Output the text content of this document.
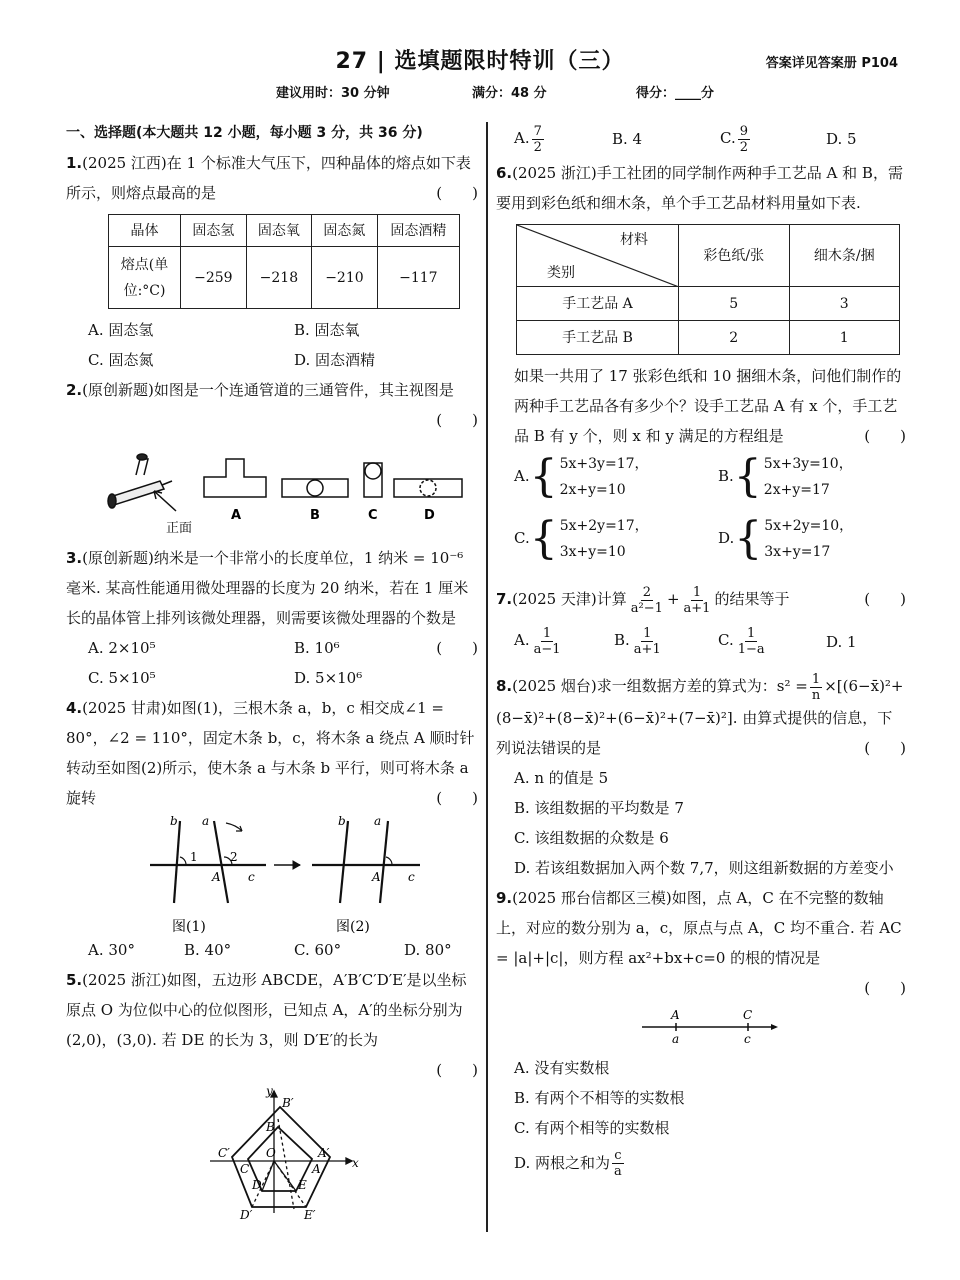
27 | 选填题限时特训（三）	答案详见答案册 P104
建议用时：30 分钟	满分：48 分	得分：____分
一、选择题(本大题共 12 小题，每小题 3 分，共 36 分)
1.(2025 江西)在 1 个标准大气压下，四种晶体的熔点如下表所示，则熔点最高的是	(　　)
晶体	固态氢	固态氧	固态氮	固态酒精

熔点(单
位:°C)	−259	−218	−210	−117
A. 固态氢	B. 固态氧
C. 固态氮	D. 固态酒精
2.(原创新题)如图是一个连通管道的三通管件，其主视图是
(　　)
A	B	C	D
正面
3.(原创新题)纳米是一个非常小的长度单位，1 纳米 = 10⁻⁶ 毫米. 某高性能通用微处理器的长度为 20 纳米，若在 1 厘米长的晶体管上排列该微处理器，则需要该微处理器的个数是
(　　)
A. 2×10⁵	B. 10⁶
C. 5×10⁵	D. 5×10⁶
4.(2025 甘肃)如图(1)，三根木条 a，b，c 相交成∠1 = 80°，∠2 = 110°，固定木条 b，c，将木条 a 绕点 A 顺时针转动至如图(2)所示，使木条 a 与木条 b 平行，则可将木条 a 旋转	(　　)
b a
1	2
A c
b a
A c
图(1)	图(2)
A. 30°	B. 40°	C. 60°	D. 80°
5.(2025 浙江)如图，五边形 ABCDE，A′B′C′D′E′是以坐标原点 O 为位似中心的位似图形，已知点 A，A′的坐标分别为(2,0)，(3,0). 若 DE 的长为 3，则 D′E′的长为
(　　)
y
B′
B
C′
C
O	A′
A
D	E
D′	E′
x
A. $\frac{7}{2}$	B. 4	C. $\frac{9}{2}$	D. 5
6.(2025 浙江)手工社团的同学制作两种手工艺品 A 和 B，需要用到彩色纸和细木条，单个手工艺品材料用量如下表.
材料
类别	彩色纸/张	细木条/捆
手工艺品 A	5	3
手工艺品 B	2	1
如果一共用了 17 张彩色纸和 10 捆细木条，问他们制作的两种手工艺品各有多少个？设手工艺品 A 有 x 个，手工艺品 B 有 y 个，则 x 和 y 满足的方程组是	(　　)
A. { 5x+3y=17，
2x+y=10
B. { 5x+3y=10，
2x+y=17
C. { 5x+2y=17，
3x+y=10
D. { 5x+2y=10，
3x+y=17
7.(2025 天津)计算 $\frac{2}{\text{a²−1}} + \frac{1}{a+1}$ 的结果等于	(　　)
A. $\frac{1}{a-1}$	B. $\frac{1}{a+1}$	C. $\frac{1}{1-a}$	D. 1
8.(2025 烟台)求一组数据方差的算式为：$s^2 = \frac{1}{n}$ ×[(6−x̄)²+(8−x̄)²+(8−x̄)²+(6−x̄)²+(7−x̄)²]. 由算式提供的信息，下列说法错误的是	(　　)
A. n 的值是 5
B. 该组数据的平均数是 7
C. 该组数据的众数是 6
D. 若该组数据加入两个数 7,7，则这组新数据的方差变小
9.(2025 邢台信都区三模)如图，点 A，C 在不完整的数轴上，对应的数分别为 a，c，原点与点 A，C 均不重合. 若 AC = |a|+|c|，则方程 ax²+bx+c=0 的根的情况是
(　　)
A	C
a	c
A. 没有实数根
B. 有两个不相等的实数根
C. 有两个相等的实数根
D. 两根之和为 $\frac{c}{a}$
